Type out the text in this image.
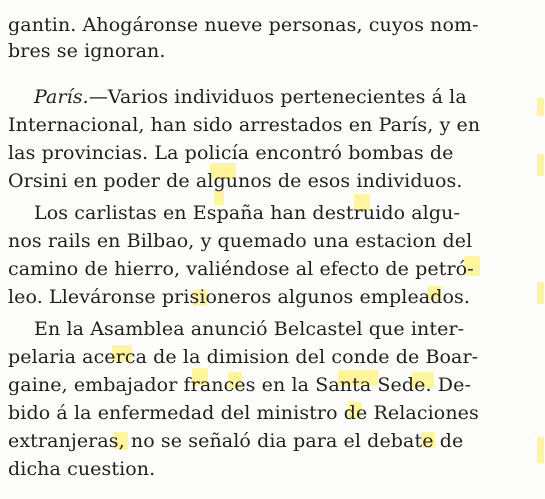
gantin. Ahogáronse nueve personas, cuyos nom-
bres se ignoran.
París.—Varios individuos pertenecientes á la
Internacional, han sido arrestados en París, y en
las provincias. La policía encontró bombas de
Orsini en poder de algunos de esos individuos.
Los carlistas en España han destruido algu-
nos rails en Bilbao, y quemado una estacion del
camino de hierro, valiéndose al efecto de petró-
leo. Lleváronse prisioneros algunos empleados.
En la Asamblea anunció Belcastel que inter-
pelaria acerca de la dimision del conde de Boar-
gaine, embajador frances en la Santa Sede. De-
bido á la enfermedad del ministro de Relaciones
extranjeras, no se señaló dia para el debate de
dicha cuestion.
